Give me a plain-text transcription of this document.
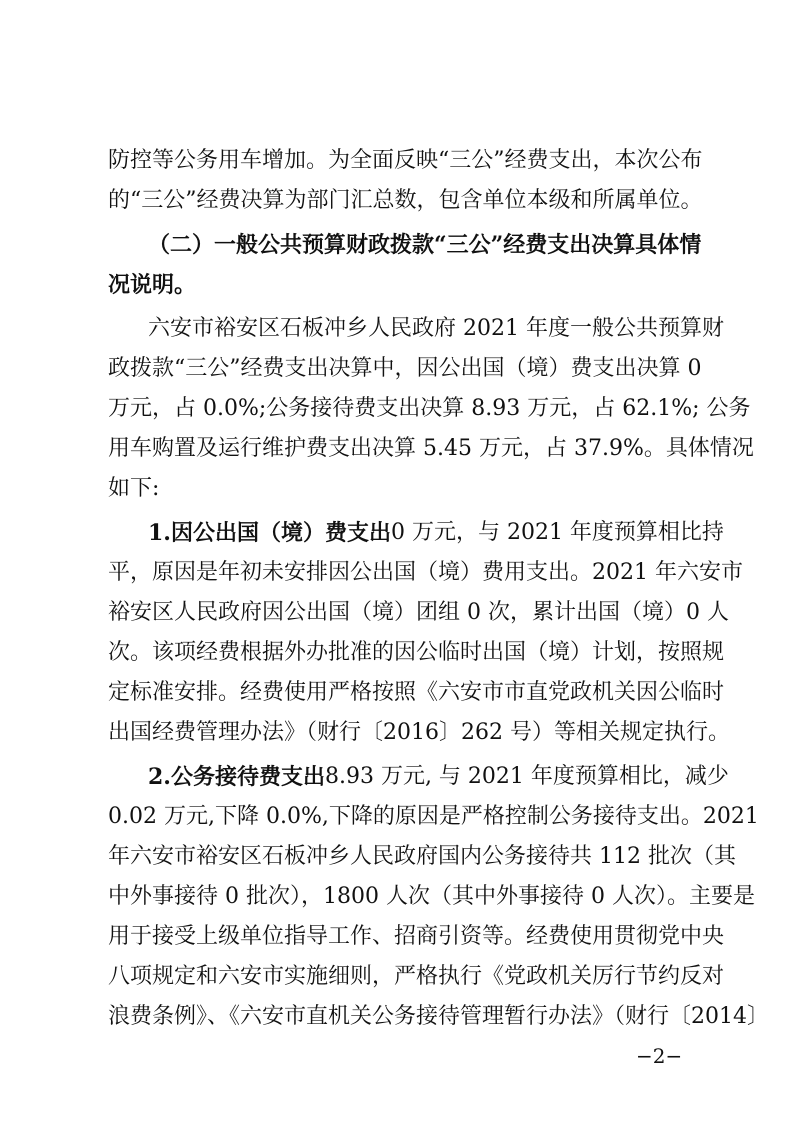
防控等公务用车增加。为全面反映“三公”经费支出，本次公布
的“三公”经费决算为部门汇总数，包含单位本级和所属单位。
（二）一般公共预算财政拨款“三公”经费支出决算具体情
况说明。
六安市裕安区石板冲乡人民政府 2021 年度一般公共预算财
政拨款“三公”经费支出决算中，因公出国（境）费支出决算 0
万元，占 0.0%;公务接待费支出决算 8.93 万元，占 62.1%; 公务
用车购置及运行维护费支出决算 5.45 万元，占 37.9%。具体情况
如下:
1.因公出国（境）费支出 0 万元，与 2021 年度预算相比持
平，原因是年初未安排因公出国（境）费用支出。2021 年六安市
裕安区人民政府因公出国（境）团组 0 次，累计出国（境）0 人
次。该项经费根据外办批准的因公临时出国（境）计划，按照规
定标准安排。经费使用严格按照《六安市市直党政机关因公临时
出国经费管理办法》（财行〔2016〕262 号）等相关规定执行。
2.公务接待费支出 8.93 万元, 与 2021 年度预算相比，减少
0.02 万元,下降 0.0%,下降的原因是严格控制公务接待支出。2021
年六安市裕安区石板冲乡人民政府国内公务接待共 112 批次（其
中外事接待 0 批次），1800 人次（其中外事接待 0 人次）。主要是
用于接受上级单位指导工作、招商引资等。经费使用贯彻党中央
八项规定和六安市实施细则，严格执行《党政机关厉行节约反对
浪费条例》、《六安市直机关公务接待管理暂行办法》（财行〔2014〕
−2−
